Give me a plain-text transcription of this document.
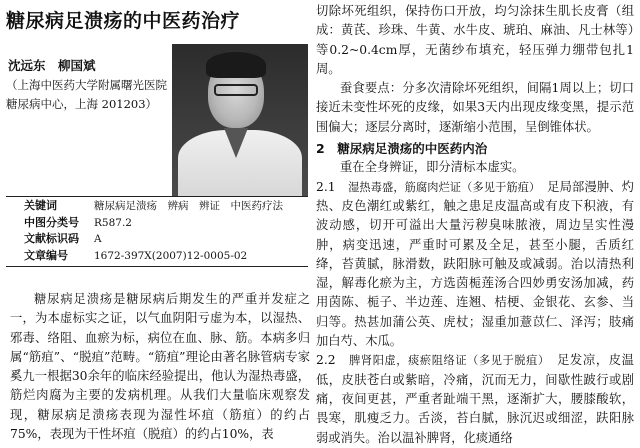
糖尿病足溃疡的中医药治疗
沈远东　柳国斌
（上海中医药大学附属曙光医院
糖尿病中心，上海 201203）
关键词	糖尿病足溃疡　辨病　辨证　中医药疗法
中图分类号 R587.2
文献标识码 A
文章编号 1672-397X(2007)12-0005-02

糖尿病足溃疡是糖尿病后期发生的严重并发症之一，为本虚标实之证，以气血阴阳亏虚为本，以湿热、邪毒、络阻、血瘀为标，病位在血、脉、筋。本病多归属“筋疽”、“脱疽”范畴。“筋疽”理论由著名脉管病专家奚九一根据30余年的临床经验提出，他认为湿热毒盛，筋烂肉腐为主要的发病机理。从我们大量临床观察发现，糖尿病足溃疡表现为湿性坏疽（筋疽）的约占75%，表现为干性坏疽（脱疽）的约占10%，表

切除坏死组织，保持伤口开放，均匀涂抹生肌长皮膏（组成：黄芪、珍珠、牛黄、水牛皮、琥珀、麻油、凡士林等）等0.2~0.4cm厚，无菌纱布填充，轻压弹力绷带包扎1周。

蚕食要点：分多次清除坏死组织，间隔1周以上；切口接近未变性坏死的皮缘，如果3天内出现皮缘变黑，提示范围偏大；逐层分离时，逐渐缩小范围，呈倒锥体状。

2　 糖尿病足溃疡的中医药内治

重在全身辨证，即分清标本虚实。

2.1　 湿热毒盛，筋腐肉烂证（多见于筋疽）　 足局部漫肿、灼热、皮色潮红或紫红，触之患足皮温高或有皮下积液，有波动感，切开可溢出大量污秽臭味脓液，周边呈实性漫肿，病变迅速，严重时可累及全足，甚至小腿，舌质红绛，苔黄腻，脉滑数，趺阳脉可触及或减弱。治以清热利湿，解毒化瘀为主，方选茵栀莲汤合四妙勇安汤加减，药用茵陈、栀子、半边莲、连翘、桔梗、金银花、玄参、当归等。热甚加蒲公英、虎杖；湿重加薏苡仁、泽泻；肢痛加白芍、木瓜。

2.2　 脾肾阳虚，痰瘀阻络证（多见于脱疽）　 足发凉，皮温低，皮肤苍白或紫暗，冷痛，沉而无力，间歇性跛行或剧痛，夜间更甚，严重者趾端干黑，逐渐扩大，腰膝酸软，畏寒，肌瘦乏力。舌淡，苔白腻，脉沉迟或细涩，趺阳脉弱或消失。治以温补脾肾，化痰通络
